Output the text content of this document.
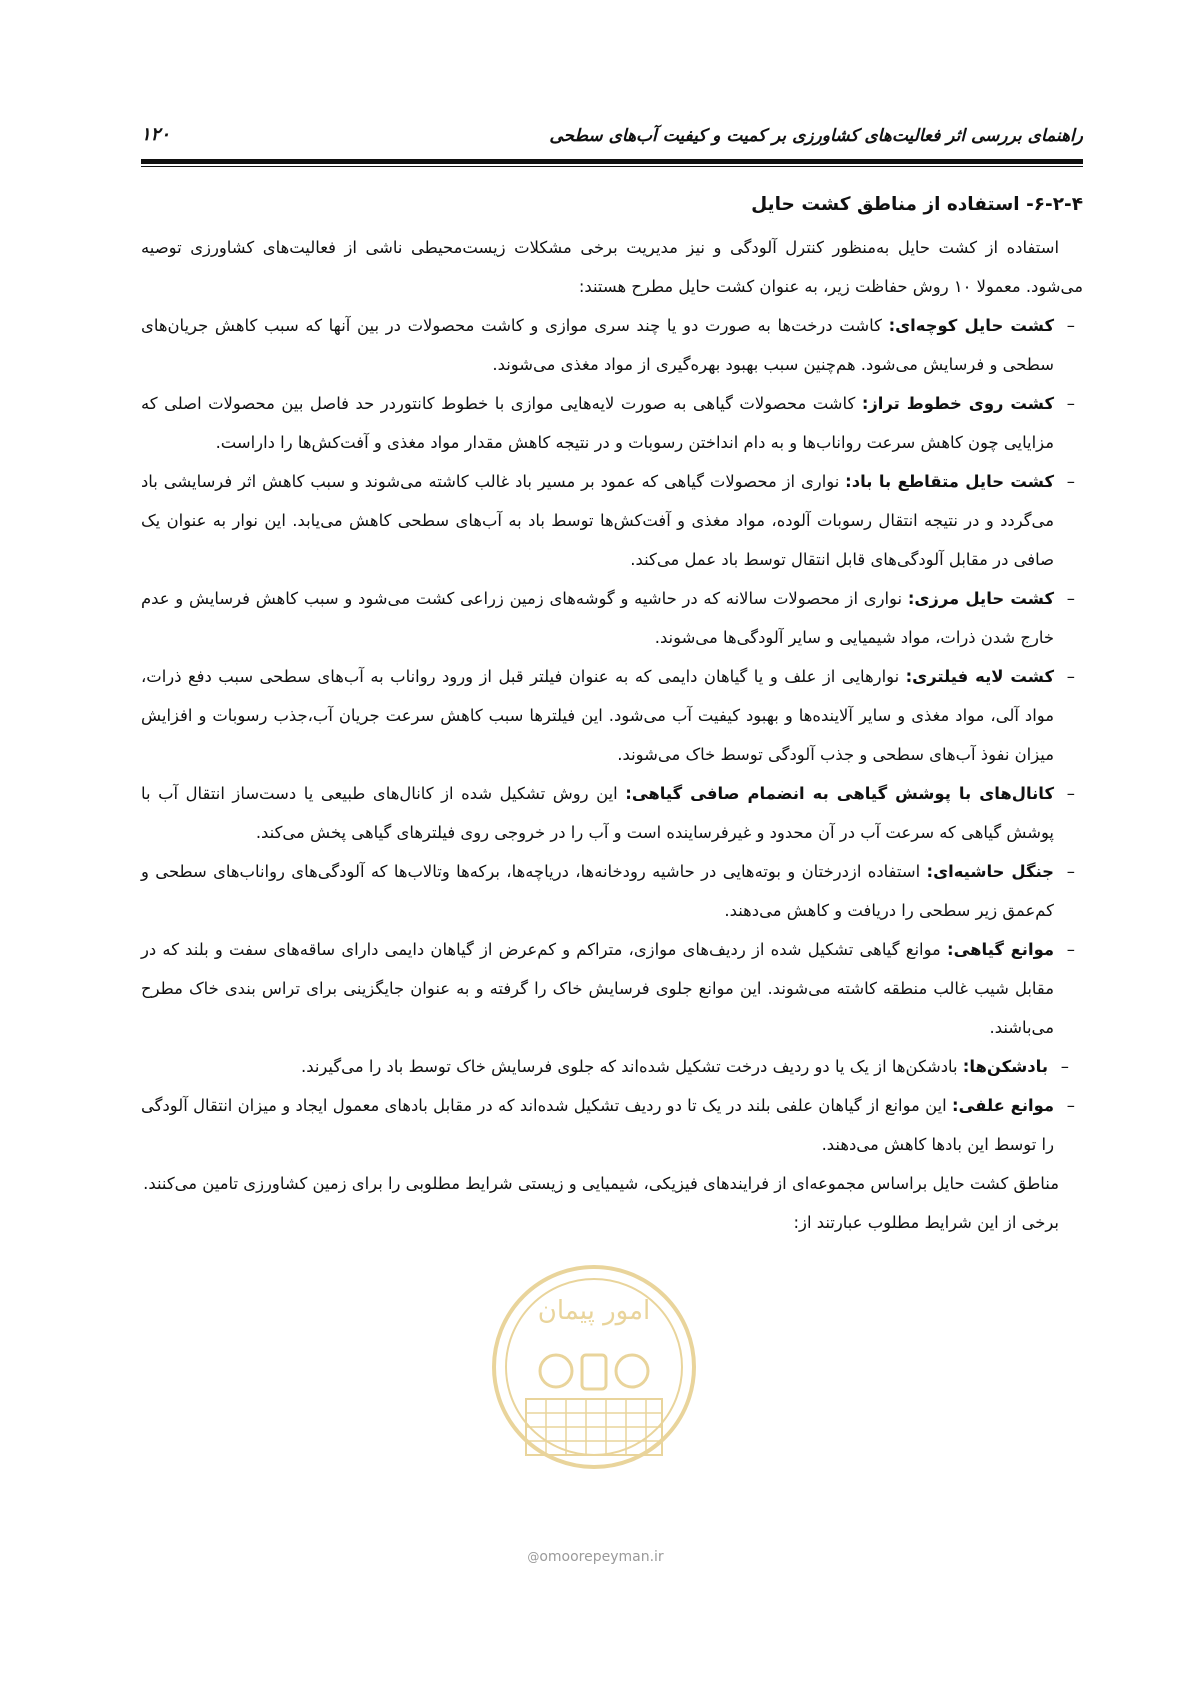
راهنمای بررسی اثر فعالیت‌های کشاورزی بر کمیت و کیفیت آب‌های سطحی
۱۲۰
۶-۲-۴- استفاده از مناطق کشت حایل

استفاده از کشت حایل به‌منظور کنترل آلودگی و نیز مدیریت برخی مشکلات زیست‌محیطی ناشی از فعالیت‌های کشاورزی توصیه می‌شود. معمولا ۱۰ روش حفاظت زیر، به عنوان کشت حایل مطرح هستند:

–
کشت حایل کوچه‌ای: کاشت درخت‌ها به صورت دو یا چند سری موازی و کاشت محصولات در بین آنها که سبب کاهش جریان‌های سطحی و فرسایش می‌شود. هم‌چنین سبب بهبود بهره‌گیری از مواد مغذی می‌شوند.
–
کشت روی خطوط تراز: کاشت محصولات گیاهی به صورت لایه‌هایی موازی با خطوط کانتوردر حد فاصل بین محصولات اصلی که مزایایی چون کاهش سرعت رواناب‌ها و به دام انداختن رسوبات و در نتیجه کاهش مقدار مواد مغذی و آفت‌کش‌ها را داراست.
–
کشت حایل متقاطع با باد: نواری از محصولات گیاهی که عمود بر مسیر باد غالب کاشته می‌شوند و سبب کاهش اثر فرسایشی باد می‌گردد و در نتیجه انتقال رسوبات آلوده، مواد مغذی و آفت‌کش‌ها توسط باد به آب‌های سطحی کاهش می‌یابد. این نوار به عنوان یک صافی در مقابل آلودگی‌های قابل انتقال توسط باد عمل می‌کند.
–
کشت حایل مرزی: نواری از محصولات سالانه که در حاشیه و گوشه‌های زمین زراعی کشت می‌شود و سبب کاهش فرسایش و عدم خارج شدن ذرات، مواد شیمیایی و سایر آلودگی‌ها می‌شوند.
–
کشت لایه فیلتری: نوارهایی از علف و یا گیاهان دایمی که به عنوان فیلتر قبل از ورود رواناب به آب‌های سطحی سبب دفع ذرات، مواد آلی، مواد مغذی و سایر آلاینده‌ها و بهبود کیفیت آب می‌شود. این فیلترها سبب کاهش سرعت جریان آب،جذب رسوبات و افزایش میزان نفوذ آب‌های سطحی و جذب آلودگی توسط خاک می‌شوند.
–
کانال‌های با پوشش گیاهی به انضمام صافی گیاهی: این روش تشکیل شده از کانال‌های طبیعی یا دست‌ساز انتقال آب با پوشش گیاهی که سرعت آب در آن محدود و غیرفرساینده است و آب را در خروجی روی فیلترهای گیاهی پخش می‌کند.
–
جنگل حاشیه‌ای: استفاده ازدرختان و بوته‌هایی در حاشیه رودخانه‌ها، دریاچه‌ها، برکه‌ها وتالاب‌ها که آلودگی‌های رواناب‌های سطحی و کم‌عمق زیر سطحی را دریافت و کاهش می‌دهند.
–
موانع گیاهی: موانع گیاهی تشکیل شده از ردیف‌های موازی، متراکم و کم‌عرض از گیاهان دایمی دارای ساقه‌های سفت و بلند که در مقابل شیب غالب منطقه کاشته می‌شوند. این موانع جلوی فرسایش خاک را گرفته و به عنوان جایگزینی برای تراس بندی خاک مطرح می‌باشند.
–
بادشکن‌ها: بادشکن‌ها از یک یا دو ردیف درخت تشکیل شده‌اند که جلوی فرسایش خاک توسط باد را می‌گیرند.
–
موانع علفی: این موانع از گیاهان علفی بلند در یک تا دو ردیف تشکیل شده‌اند که در مقابل بادهای معمول ایجاد و میزان انتقال آلودگی را توسط این بادها کاهش می‌دهند.

مناطق کشت حایل براساس مجموعه‌ای از فرایندهای فیزیکی، شیمیایی و زیستی شرایط مطلوبی را برای زمین کشاورزی تامین می‌کنند.

برخی از این شرایط مطلوب عبارتند از:

امور پیمان
@omoorepeyman.ir
